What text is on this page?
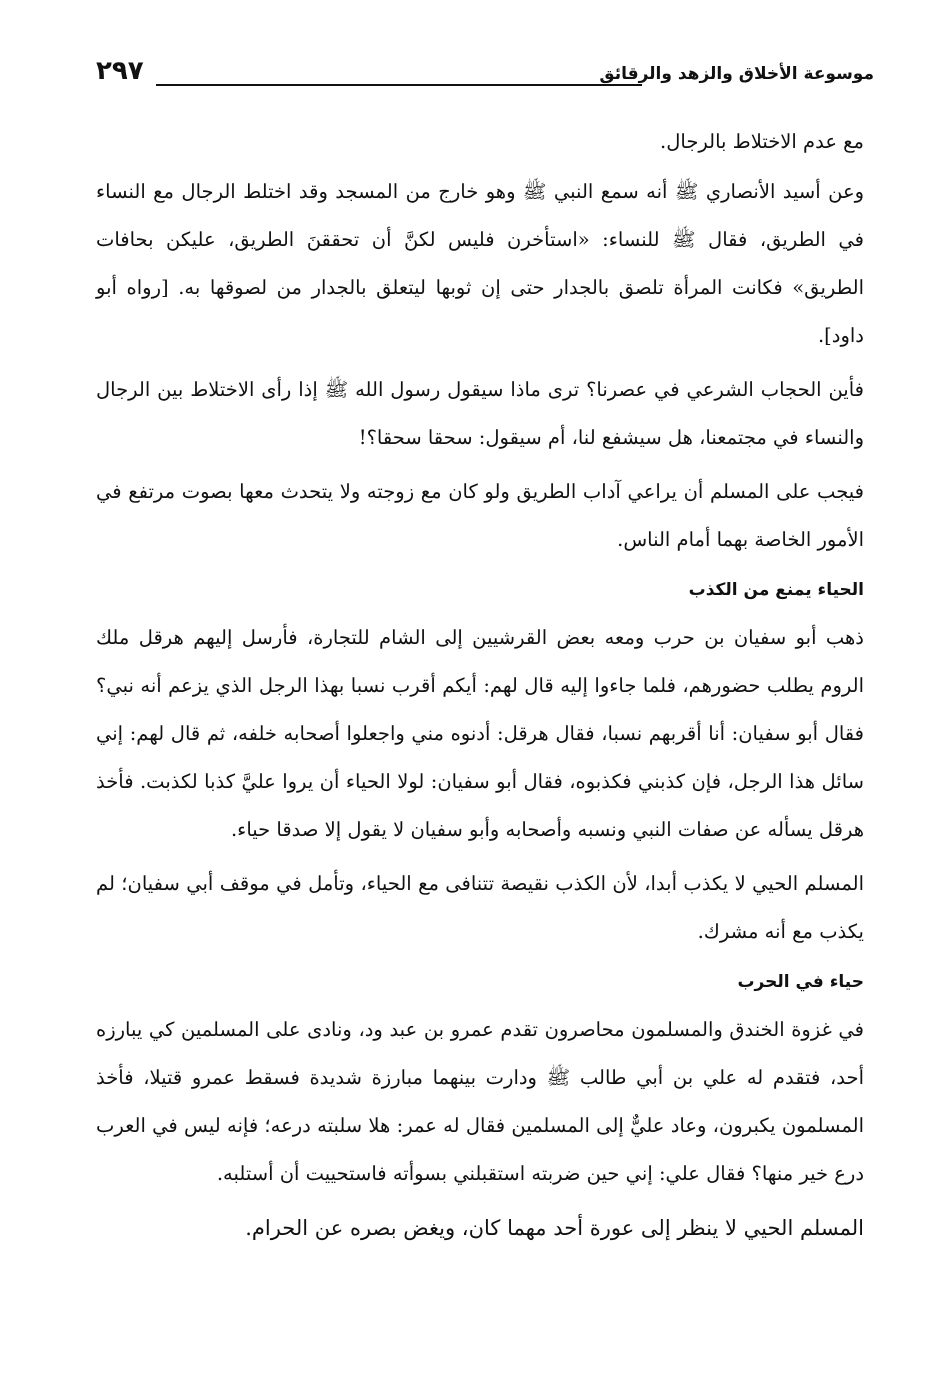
موسوعة الأخلاق والزهد والرقائق
٢٩٧

مع عدم الاختلاط بالرجال.

وعن أسيد الأنصاري ﷺ أنه سمع النبي ﷺ وهو خارج من المسجد وقد اختلط الرجال مع النساء في الطريق، فقال ﷺ للنساء: «استأخرن فليس لكنَّ أن تحققنَ الطريق، عليكن بحافات الطريق» فكانت المرأة تلصق بالجدار حتى إن ثوبها ليتعلق بالجدار من لصوقها به. [رواه أبو داود].

فأين الحجاب الشرعي في عصرنا؟ ترى ماذا سيقول رسول الله ﷺ إذا رأى الاختلاط بين الرجال والنساء في مجتمعنا، هل سيشفع لنا، أم سيقول: سحقا سحقا؟!

فيجب على المسلم أن يراعي آداب الطريق ولو كان مع زوجته ولا يتحدث معها بصوت مرتفع في الأمور الخاصة بهما أمام الناس.

الحياء يمنع من الكذب

ذهب أبو سفيان بن حرب ومعه بعض القرشيين إلى الشام للتجارة، فأرسل إليهم هرقل ملك الروم يطلب حضورهم، فلما جاءوا إليه قال لهم: أيكم أقرب نسبا بهذا الرجل الذي يزعم أنه نبي؟ فقال أبو سفيان: أنا أقربهم نسبا، فقال هرقل: أدنوه مني واجعلوا أصحابه خلفه، ثم قال لهم: إني سائل هذا الرجل، فإن كذبني فكذبوه، فقال أبو سفيان: لولا الحياء أن يروا عليَّ كذبا لكذبت. فأخذ هرقل يسأله عن صفات النبي ونسبه وأصحابه وأبو سفيان لا يقول إلا صدقا حياء.

المسلم الحيي لا يكذب أبدا، لأن الكذب نقيصة تتنافى مع الحياء، وتأمل في موقف أبي سفيان؛ لم يكذب مع أنه مشرك.

حياء في الحرب

في غزوة الخندق والمسلمون محاصرون تقدم عمرو بن عبد ود، ونادى على المسلمين كي يبارزه أحد، فتقدم له علي بن أبي طالب ﷺ ودارت بينهما مبارزة شديدة فسقط عمرو قتيلا، فأخذ المسلمون يكبرون، وعاد عليٌّ إلى المسلمين فقال له عمر: هلا سلبته درعه؛ فإنه ليس في العرب درع خير منها؟ فقال علي: إني حين ضربته استقبلني بسوأته فاستحييت أن أستلبه.

المسلم الحيي لا ينظر إلى عورة أحد مهما كان، ويغض بصره عن الحرام.
